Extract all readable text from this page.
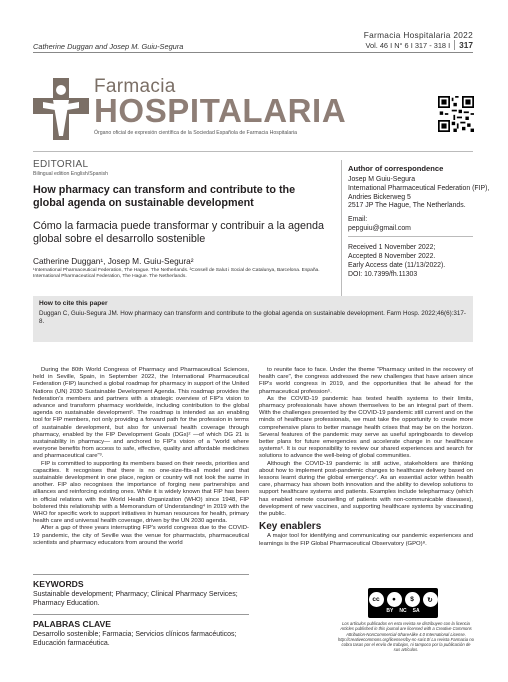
Catherine Duggan and Josep M. Guiu-Segura
Farmacia Hospitalaria 2022
Vol. 46 I N° 6 I 317 - 318 I 317
Farmacia
HOSPITALARIA
Órgano oficial de expresión científica de la Sociedad Española de Farmacia Hospitalaria
EDITORIAL
Bilingual edition English/Spanish
How pharmacy can transform and contribute to the global agenda on sustainable development
Cómo la farmacia puede transformar y contribuir a la agenda global sobre el desarrollo sostenible
Catherine Duggan¹, Josep M. Guiu-Segura²
¹International Pharmaceutical Federation, The Hague. The Netherlands. ²Consell de Salut i Social de Catalunya, Barcelona. España. International Pharmaceutical Federation, The Hague. The Netherlands.
Author of correspondence
Josep M Guiu-Segura
International Pharmaceutical Federation (FIP),
Andries Bickerweg 5
2517 JP The Hague, The Netherlands.
Email:
pepguiu@gmail.com
Received 1 November 2022;
Accepted 8 November 2022.
Early Access date (11/13/2022).
DOI: 10.7399/fh.11303
How to cite this paper
Duggan C, Guiu-Segura JM. How pharmacy can transform and contribute to the global agenda on sustainable development. Farm Hosp. 2022;46(6):317-8.

During the 80th World Congress of Pharmacy and Pharmaceutical Sciences, held in Seville, Spain, in September 2022, the International Pharmaceutical Federation (FIP) launched a global roadmap for pharmacy in support of the United Nations (UN) 2030 Sustainable Development Agenda. This roadmap provides the federation's members and partners with a strategic overview of FIP's vision to advance and transform pharmacy worldwide, including contribution to the global agenda on sustainable development¹. The roadmap is intended as an enabling tool for FIP members, not only providing a forward path for the profession in terms of sustainable development, but also for universal health coverage through pharmacy, enabled by the FIP Development Goals (DGs)² —of which DG 21 is sustainability in pharmacy— and anchored to FIP's vision of a "world where everyone benefits from access to safe, effective, quality and affordable medicines and pharmaceutical care"³.

FIP is committed to supporting its members based on their needs, priorities and capacities. It recognises that there is no one-size-fits-all model and that sustainable development in one place, region or country will not look the same in another. FIP also recognises the importance of forging new partnerships and alliances and reinforcing existing ones. While it is widely known that FIP has been in official relations with the World Health Organization (WHO) since 1948, FIP bolstered this relationship with a Memorandum of Understanding⁴ in 2019 with the WHO for specific work to support initiatives in human resources for health, primary health care and universal health coverage, driven by the UN 2030 agenda.

After a gap of three years interrupting FIP's world congress due to the COVID-19 pandemic, the city of Seville was the venue for pharmacists, pharmaceutical scientists and pharmacy educators from around the world

to reunite face to face. Under the theme "Pharmacy united in the recovery of health care", the congress addressed the new challenges that have arisen since FIP's world congress in 2019, and the opportunities that lie ahead for the pharmaceutical profession⁵.

As the COVID-19 pandemic has tested health systems to their limits, pharmacy professionals have shown themselves to be an integral part of them. With the challenges presented by the COVID-19 pandemic still current and on the minds of healthcare professionals, we must take the opportunity to create more comprehensive plans to better manage health crises that may be on the horizon. Several features of the pandemic may serve as useful springboards to develop better plans for future emergencies and accelerate change in our healthcare systems⁶. It is our responsibility to review our shared experiences and search for solutions to advance the well-being of global communities.

Although the COVID-19 pandemic is still active, stakeholders are thinking about how to implement post-pandemic changes to healthcare delivery based on lessons learnt during the global emergency⁷. As an essential actor within health care, pharmacy has shown both innovation and the ability to develop solutions to support healthcare systems and patients. Examples include telepharmacy (which has enabled remote counselling of patients with non-communicable diseases), development of new vaccines, and supporting healthcare systems by vaccinating the public.

Key enablers

A major tool for identifying and communicating our pandemic experiences and learnings is the FIP Global Pharmaceutical Observatory (GPO)⁸.

KEYWORDS
Sustainable development; Pharmacy; Clinical Pharmacy Services; Pharmacy Education.
PALABRAS CLAVE
Desarrollo sostenible; Farmacia; Servicios clínicos farmacéuticos; Educación farmacéutica.
cc	●	$	↻
BY NC SA
Los artículos publicados en esta revista se distribuyen con la licencia Articles published in this journal are licensed with a Creative Commons Attribution-NonCommercial-ShareAlike 4.0 International License. http://creativecommons.org/licenses/by-nc-sa/4.0/ La revista Farmacia no cobra tasas por el envío de trabajos, ni tampoco por la publicación de sus artículos.
